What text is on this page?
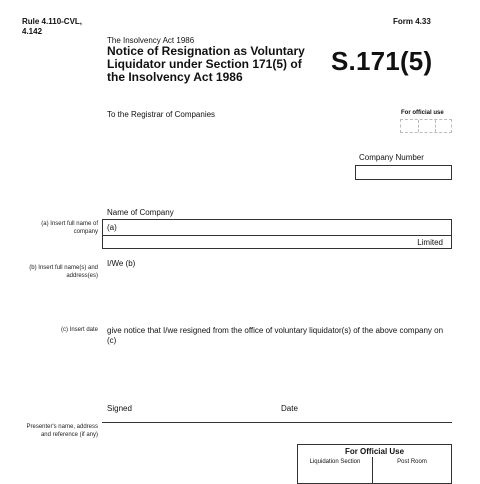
Rule 4.110-CVL, 4.142
Form 4.33
The Insolvency Act 1986
Notice of Resignation as Voluntary Liquidator under Section 171(5) of the Insolvency Act 1986
S.171(5)
To the Registrar of Companies	For official use
Company Number
(a) Insert full name of company
(b) Insert full name(s) and address(es)
(c) Insert date
Presenter's name, address and reference (if any)
Name of Company
(a)
Limited
I/We (b)
give notice that I/we resigned from the office of voluntary liquidator(s) of the above company on (c)
Signed	Date
For Official Use
Liquidation Section	Post Room
